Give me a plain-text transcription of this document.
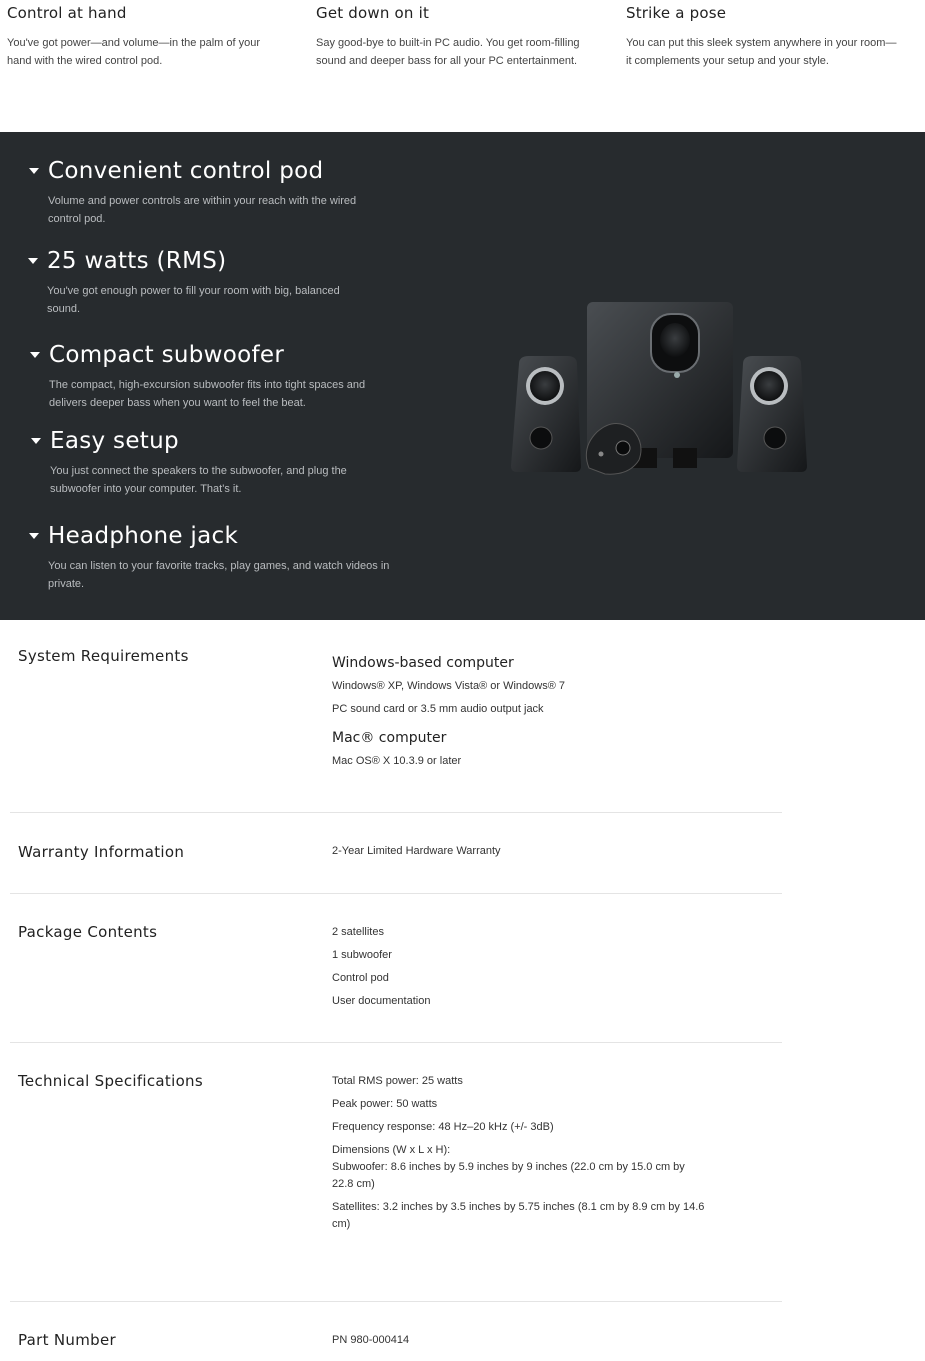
Control at hand

You've got power—and volume—in the palm of your hand with the wired control pod.

Get down on it

Say good-bye to built-in PC audio. You get room-filling sound and deeper bass for all your PC entertainment.

Strike a pose

You can put this sleek system anywhere in your room—it complements your setup and your style.

Convenient control pod

Volume and power controls are within your reach with the wired control pod.

25 watts (RMS)

You've got enough power to fill your room with big, balanced sound.

Compact subwoofer

The compact, high-excursion subwoofer fits into tight spaces and delivers deeper bass when you want to feel the beat.

Easy setup

You just connect the speakers to the subwoofer, and plug the subwoofer into your computer. That's it.

Headphone jack

You can listen to your favorite tracks, play games, and watch videos in private.

System Requirements	Windows-based computer
Windows® XP, Windows Vista® or Windows® 7
PC sound card or 3.5 mm audio output jack
Mac® computer
Mac OS® X 10.3.9 or later
Warranty Information	2-Year Limited Hardware Warranty
Package Contents	2 satellites
1 subwoofer
Control pod
User documentation
Technical Specifications	Total RMS power: 25 watts
Peak power: 50 watts
Frequency response: 48 Hz–20 kHz (+/- 3dB)
Dimensions (W x L x H):
Subwoofer: 8.6 inches by 5.9 inches by 9 inches (22.0 cm by 15.0 cm by 22.8 cm)
Satellites: 3.2 inches by 3.5 inches by 5.75 inches (8.1 cm by 8.9 cm by 14.6 cm)
Part Number	PN 980-000414
